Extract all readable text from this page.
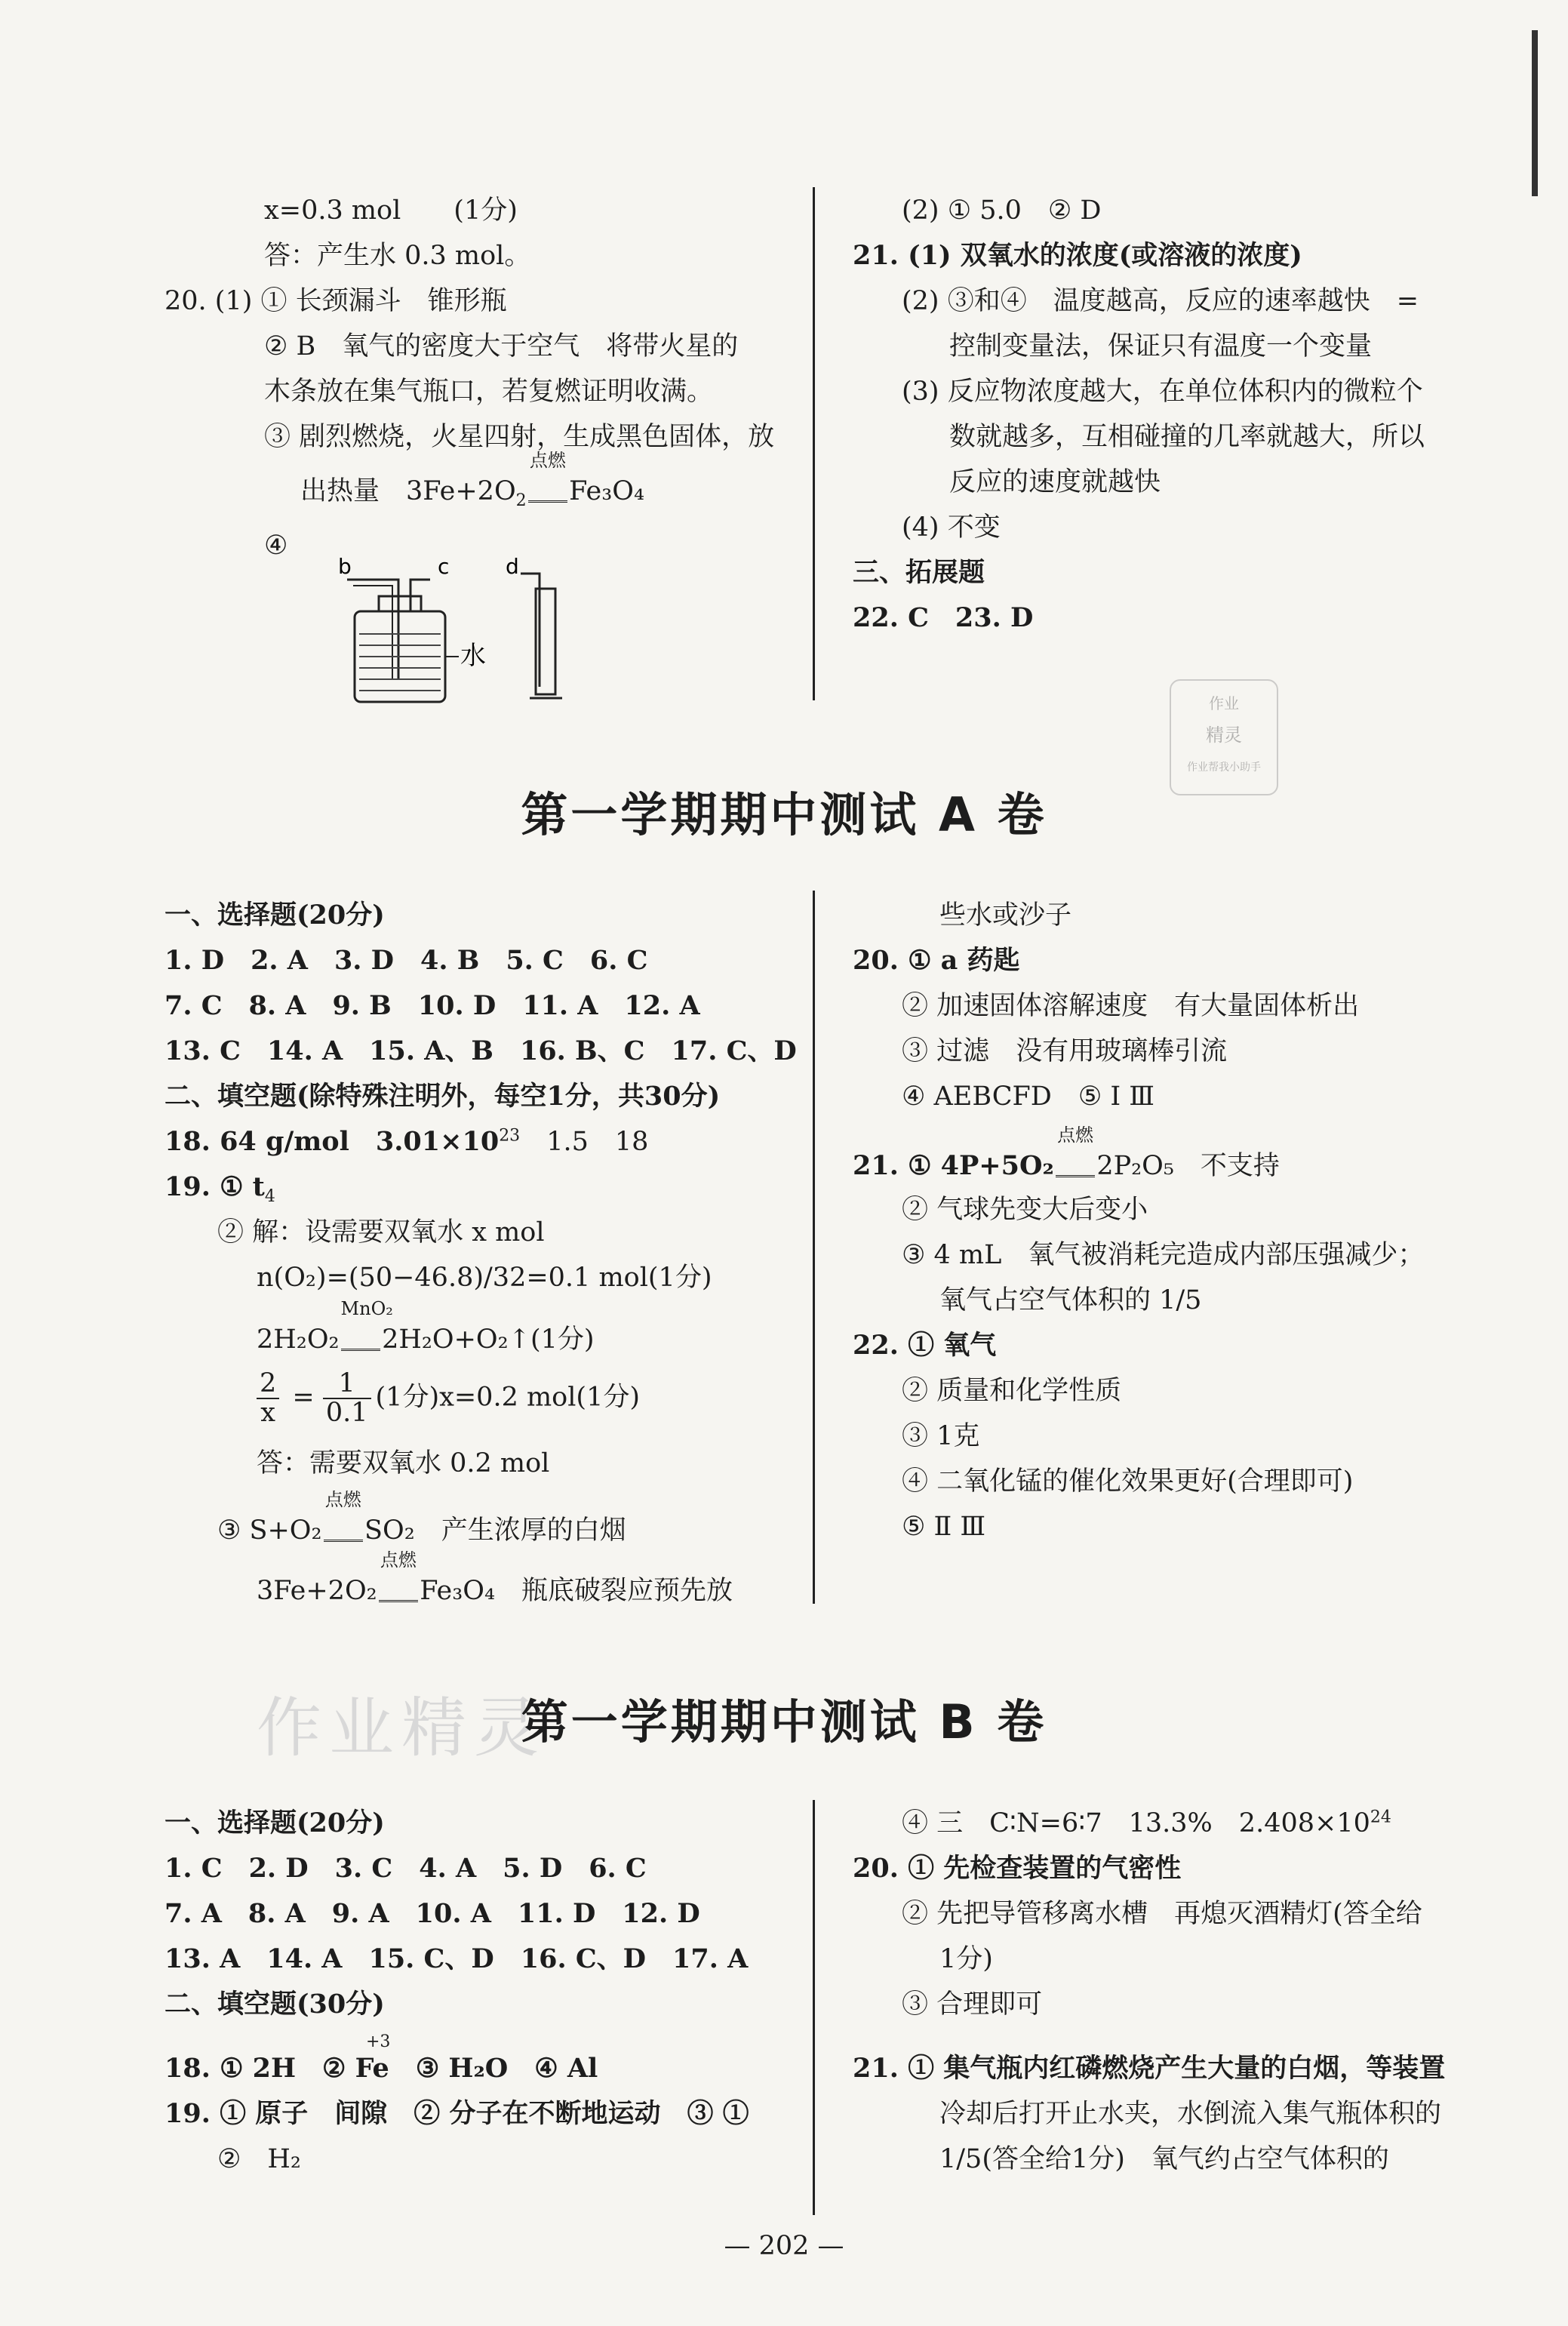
x=0.3 mol　　(1分)
答：产生水 0.3 mol。
20. (1) ① 长颈漏斗　锥形瓶
② B　氧气的密度大于空气　将带火星的
木条放在集气瓶口，若复燃证明收满。
③ 剧烈燃烧，火星四射，生成黑色固体，放
出热量　$3Fe+2O_2$
点燃
Fe₃O₄
④
b	c
水
d
(2) ① 5.0　② D
21. (1) 双氧水的浓度(或溶液的浓度)
(2) ③和④　温度越高，反应的速率越快　=
控制变量法，保证只有温度一个变量
(3) 反应物浓度越大，在单位体积内的微粒个
数就越多，互相碰撞的几率就越大，所以
反应的速度就越快
(4) 不变
三、拓展题
22. C　23. D
作业
精灵
作业帮我小助手
第一学期期中测试 A 卷
一、选择题(20分)
1. D　2. A　3. D　4. B　5. C　6. C
7. C　8. A　9. B　10. D　11. A　12. A
13. C　14. A　15. A、B　16. B、C　17. C、D
二、填空题(除特殊注明外，每空1分，共30分)
18. 64 g/mol　$3.01\times 10^{23}$　1.5　18
19. ① $t_4$
② 解：设需要双氧水 x mol
n(O₂)=(50−46.8)/32=0.1 mol(1分)
2H₂O₂
MnO₂
2H₂O+O₂↑(1分)
$\frac{2}{x} = \frac{1}{0.1} (1$分)x=0.2 mol(1分)
答：需要双氧水 0.2 mol
③ S+O₂
点燃
SO₂　产生浓厚的白烟
3Fe+2O₂
点燃
Fe₃O₄　瓶底破裂应预先放
些水或沙子
20. ① a 药匙
② 加速固体溶解速度　有大量固体析出
③ 过滤　没有用玻璃棒引流
④ AEBCFD　⑤ Ⅰ Ⅲ
21. ① 4P+5O₂
点燃
2P₂O₅　不支持
② 气球先变大后变小
③ 4 mL　氧气被消耗完造成内部压强减少；
氧气占空气体积的 1/5
22. ① 氧气
② 质量和化学性质
③ 1克
④ 二氧化锰的催化效果更好(合理即可)
⑤ Ⅱ Ⅲ
作业精灵
第一学期期中测试 B 卷
一、选择题(20分)
1. C　2. D　3. C　4. A　5. D　6. C
7. A　8. A　9. A　10. A　11. D　12. D
13. A　14. A　15. C、D　16. C、D　17. A
二、填空题(30分)
18. ① 2H　② Fe　③ H₂O　④ Al
+3
19. ① 原子　间隙　② 分子在不断地运动　③ ①
②　H₂
④ 三　C∶N=6∶7　13.3%　$2.408\times 10^{24}$
20. ① 先检查装置的气密性
② 先把导管移离水槽　再熄灭酒精灯(答全给
1分)
③ 合理即可
21. ① 集气瓶内红磷燃烧产生大量的白烟，等装置
冷却后打开止水夹，水倒流入集气瓶体积的
1/5(答全给1分)　氧气约占空气体积的
— 202 —
